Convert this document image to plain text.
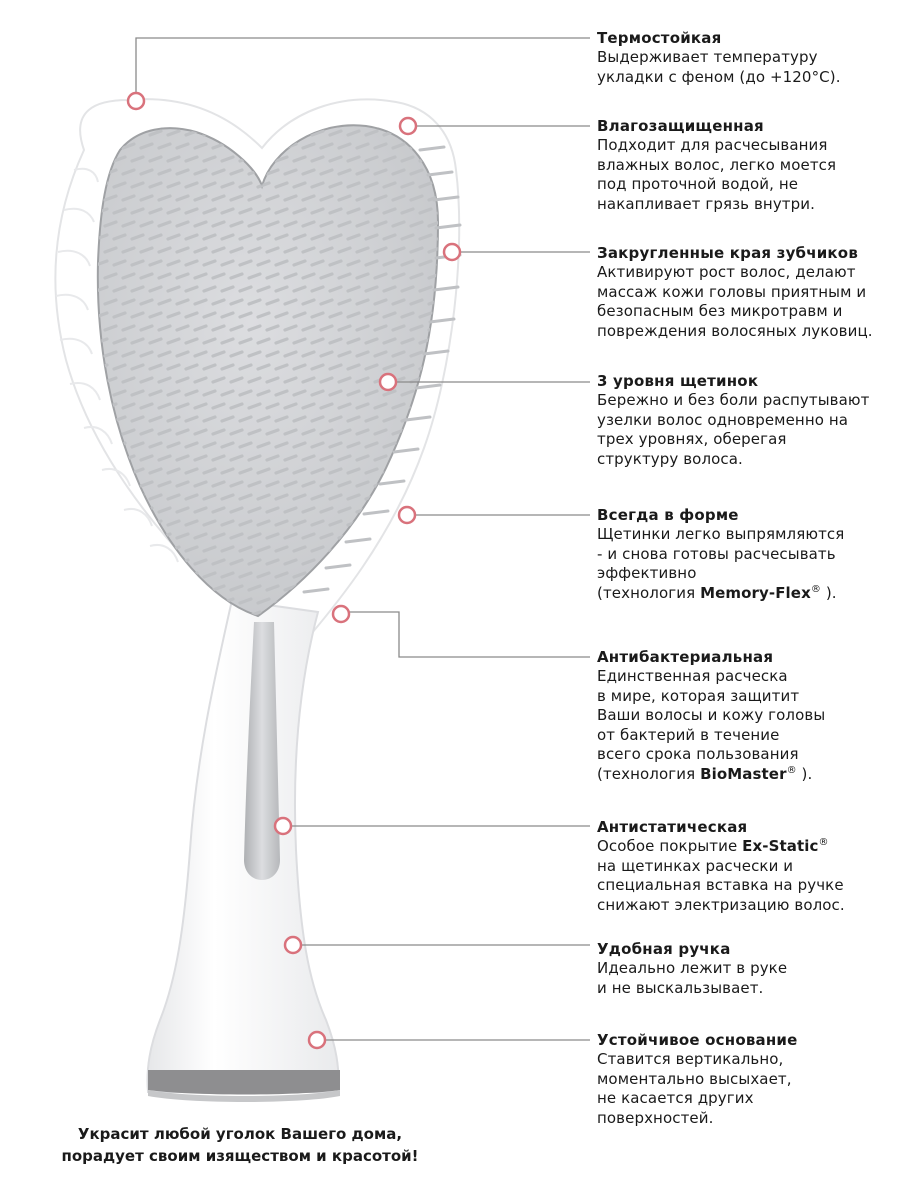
Термостойкая

Выдерживает температуру
укладки с феном (до +120°С).

Влагозащищенная

Подходит для расчесывания
влажных волос, легко моется
под проточной водой, не
накапливает грязь внутри.

Закругленные края зубчиков

Активируют рост волос, делают
массаж кожи головы приятным и
безопасным без микротравм и
повреждения волосяных луковиц.

3 уровня щетинок

Бережно и без боли распутывают
узелки волос одновременно на
трех уровнях, оберегая
структуру волоса.

Всегда в форме

Щетинки легко выпрямляются
- и снова готовы расчесывать
эффективно

(технология Memory-Flex® ).

Антибактериальная

Единственная расческа
в мире, которая защитит
Ваши волосы и кожу головы
от бактерий в течение
всего срока пользования

(технология BioMaster® ).

Антистатическая

Особое покрытие Ex-Static®

на щетинках расчески и
специальная вставка на ручке
снижают электризацию волос.

Удобная ручка

Идеально лежит в руке
и не выскальзывает.

Устойчивое основание

Ставится вертикально,
моментально высыхает,
не касается других
поверхностей.

Украсит любой уголок Вашего дома,
порадует своим изяществом и красотой!
